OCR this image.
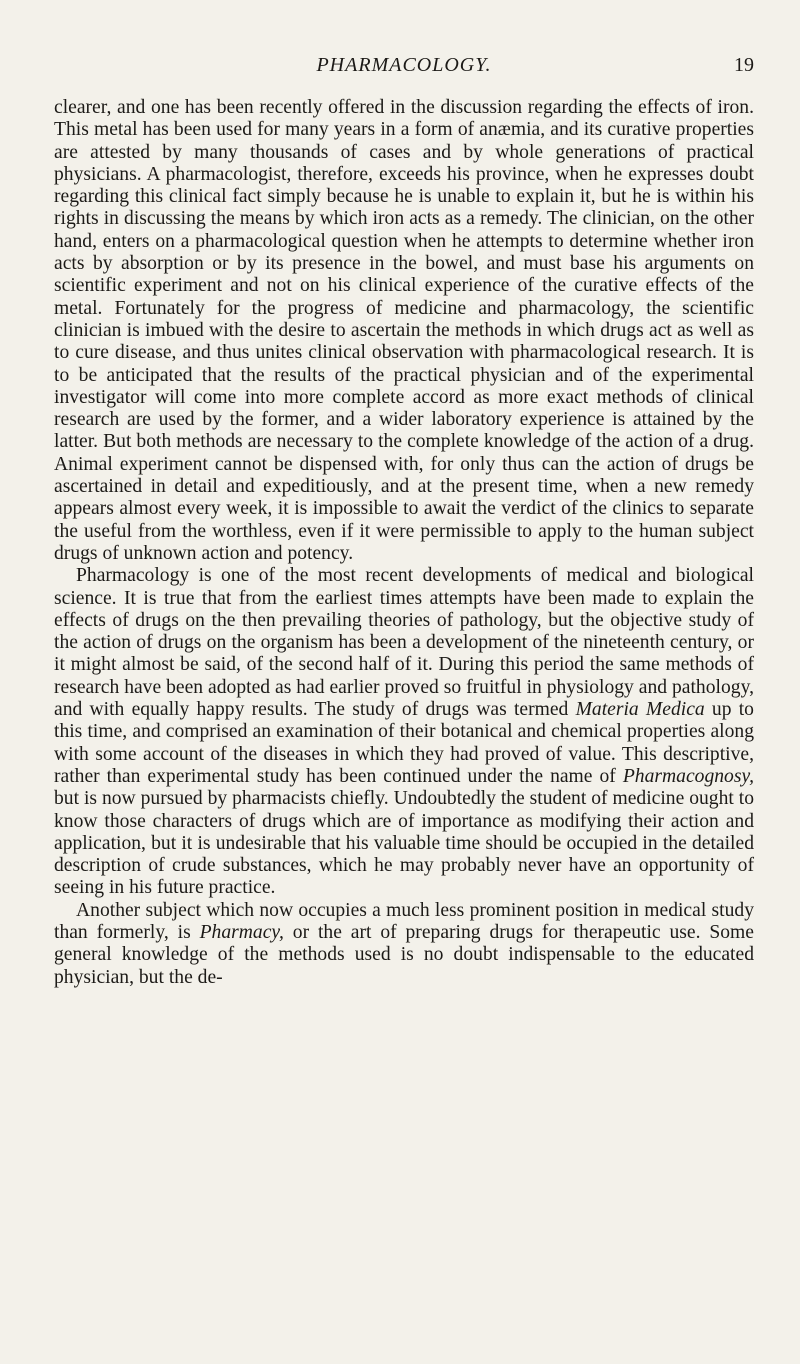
PHARMACOLOGY.	19

clearer, and one has been recently offered in the discussion regarding the effects of iron. This metal has been used for many years in a form of anæmia, and its curative properties are attested by many thousands of cases and by whole generations of practical physicians. A pharmacologist, therefore, exceeds his province, when he expresses doubt regarding this clinical fact simply because he is unable to explain it, but he is within his rights in discussing the means by which iron acts as a remedy. The clinician, on the other hand, enters on a pharmacological question when he attempts to determine whether iron acts by absorption or by its presence in the bowel, and must base his arguments on scientific experiment and not on his clinical experience of the curative effects of the metal. Fortunately for the progress of medicine and pharmacology, the scientific clinician is imbued with the desire to ascertain the methods in which drugs act as well as to cure disease, and thus unites clinical observation with pharmacological research. It is to be anticipated that the results of the practical physician and of the experimental investigator will come into more complete accord as more exact methods of clinical research are used by the former, and a wider laboratory experience is attained by the latter. But both methods are necessary to the complete knowledge of the action of a drug. Animal experiment cannot be dispensed with, for only thus can the action of drugs be ascertained in detail and expeditiously, and at the present time, when a new remedy appears almost every week, it is impossible to await the verdict of the clinics to separate the useful from the worthless, even if it were permissible to apply to the human subject drugs of unknown action and potency.

Pharmacology is one of the most recent developments of medical and biological science. It is true that from the earliest times attempts have been made to explain the effects of drugs on the then prevailing theories of pathology, but the objective study of the action of drugs on the organism has been a development of the nineteenth century, or it might almost be said, of the second half of it. During this period the same methods of research have been adopted as had earlier proved so fruitful in physiology and pathology, and with equally happy results. The study of drugs was termed Materia Medica up to this time, and comprised an examination of their botanical and chemical properties along with some account of the diseases in which they had proved of value. This descriptive, rather than experimental study has been continued under the name of Pharmacognosy, but is now pursued by pharmacists chiefly. Undoubtedly the student of medicine ought to know those characters of drugs which are of importance as modifying their action and application, but it is undesirable that his valuable time should be occupied in the detailed description of crude substances, which he may probably never have an opportunity of seeing in his future practice.

Another subject which now occupies a much less prominent position in medical study than formerly, is Pharmacy, or the art of preparing drugs for therapeutic use. Some general knowledge of the methods used is no doubt indispensable to the educated physician, but the de-
